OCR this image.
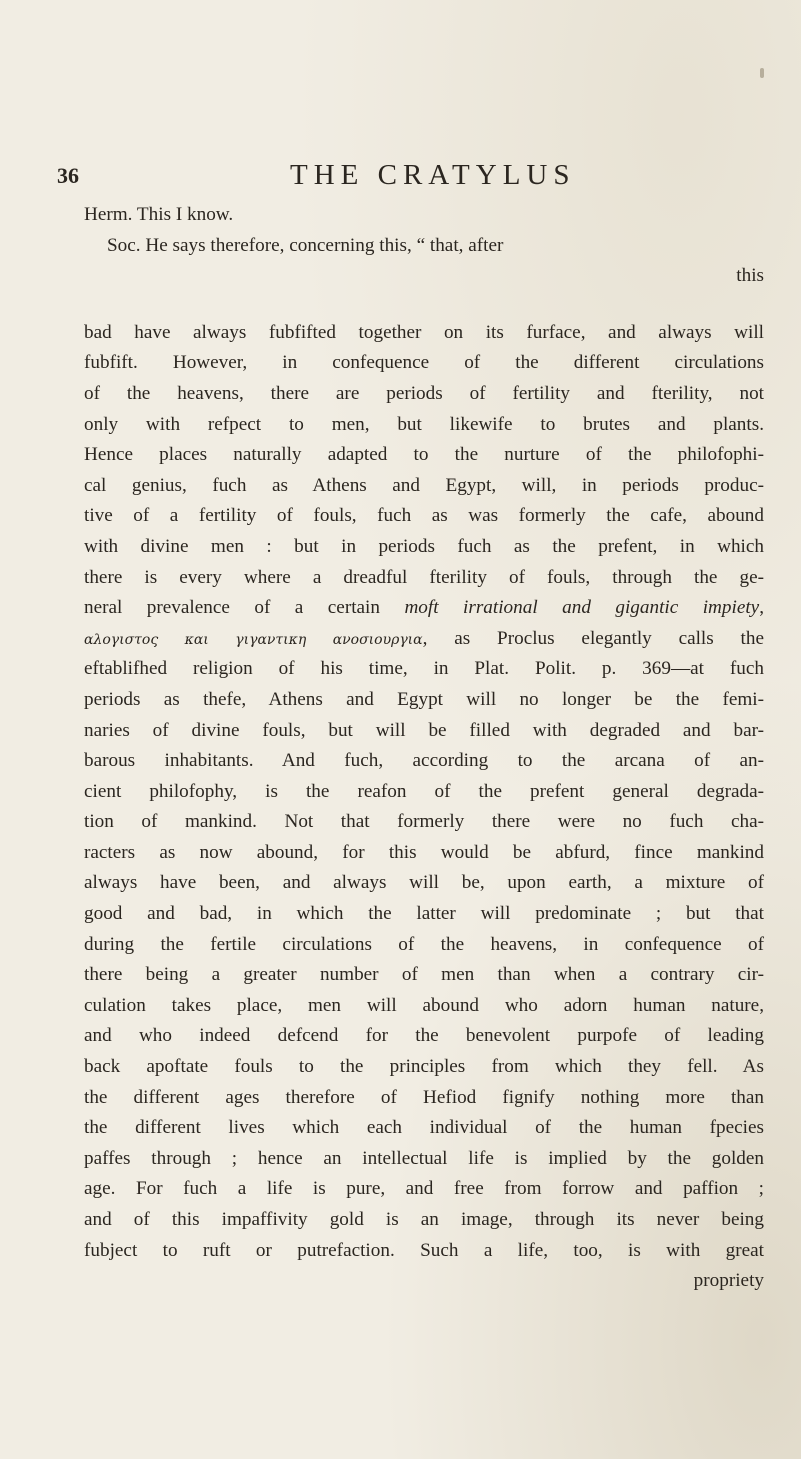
36	THE CRATYLUS
Herm. This I know.
Soc. He says therefore, concerning this, “ that, after
this
bad have always fubfifted together on its furface, and always will
fubfift. However, in confequence of the different circulations
of the heavens, there are periods of fertility and fterility, not
only with refpect to men, but likewife to brutes and plants.
Hence places naturally adapted to the nurture of the philofophi-
cal genius, fuch as Athens and Egypt, will, in periods produc-
tive of a fertility of fouls, fuch as was formerly the cafe, abound
with divine men : but in periods fuch as the prefent, in which
there is every where a dreadful fterility of fouls, through the ge-
neral prevalence of a certain moft irrational and gigantic impiety,
αλογιστος και γιγαντικη ανοσιουργια, as Proclus elegantly calls the
eftablifhed religion of his time, in Plat. Polit. p. 369—at fuch
periods as thefe, Athens and Egypt will no longer be the femi-
naries of divine fouls, but will be filled with degraded and bar-
barous inhabitants. And fuch, according to the arcana of an-
cient philofophy, is the reafon of the prefent general degrada-
tion of mankind. Not that formerly there were no fuch cha-
racters as now abound, for this would be abfurd, fince mankind
always have been, and always will be, upon earth, a mixture of
good and bad, in which the latter will predominate ; but that
during the fertile circulations of the heavens, in confequence of
there being a greater number of men than when a contrary cir-
culation takes place, men will abound who adorn human nature,
and who indeed defcend for the benevolent purpofe of leading
back apoftate fouls to the principles from which they fell. As
the different ages therefore of Hefiod fignify nothing more than
the different lives which each individual of the human fpecies
paffes through ; hence an intellectual life is implied by the golden
age. For fuch a life is pure, and free from forrow and paffion ;
and of this impaffivity gold is an image, through its never being
fubject to ruft or putrefaction. Such a life, too, is with great
propriety
